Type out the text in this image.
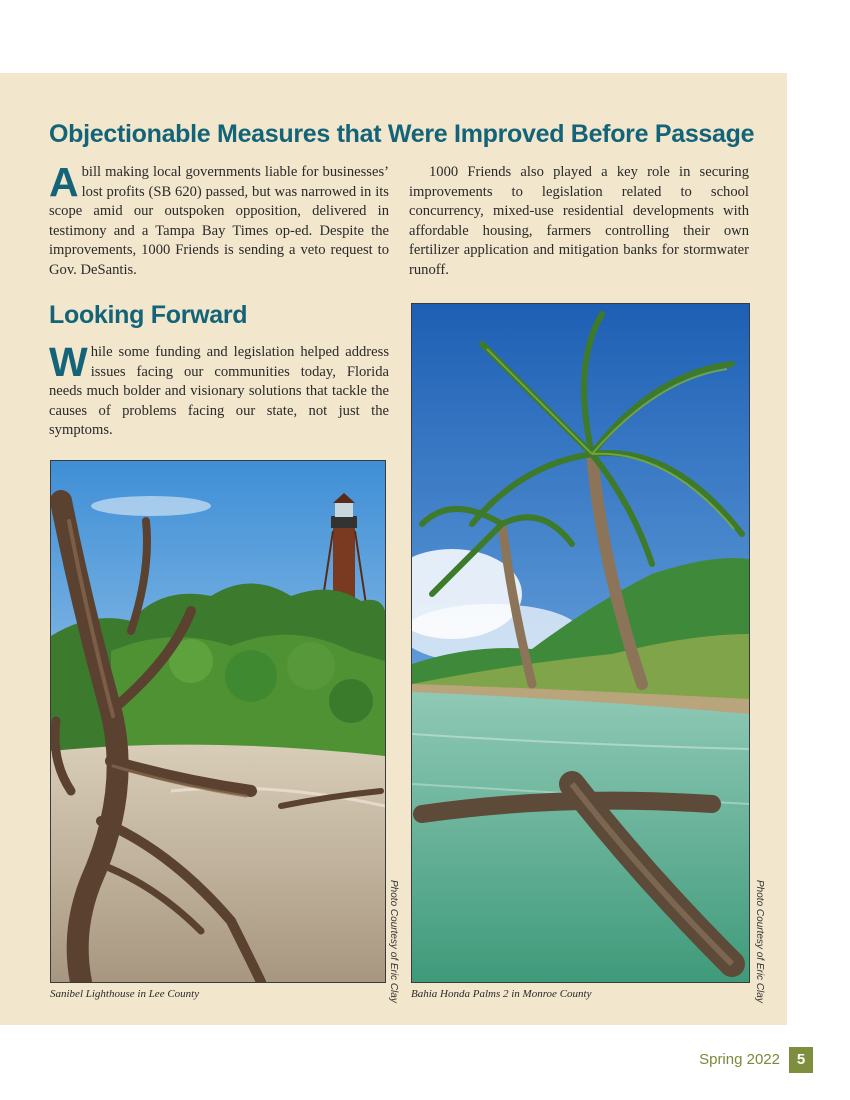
Objectionable Measures that Were Improved Before Passage

Abill making local governments liable for businesses’ lost profits (SB 620) passed, but was narrowed in its scope amid our outspoken opposition, delivered in testimony and a Tampa Bay Times op-ed. Despite the improvements, 1000 Friends is sending a veto request to Gov. DeSantis.

1000 Friends also played a key role in securing improvements to legislation related to school concurrency, mixed-use residential developments with affordable housing, farmers controlling their own fertilizer application and mitigation banks for stormwater runoff.

Looking Forward

While some funding and legislation helped address issues facing our communities today, Florida needs much bolder and visionary solutions that tackle the causes of problems facing our state, not just the symptoms.

Photo Courtesy of Eric Clay
Sanibel Lighthouse in Lee County	Photo Courtesy of Eric Clay
Bahia Honda Palms 2 in Monroe County
Spring 2022	5
